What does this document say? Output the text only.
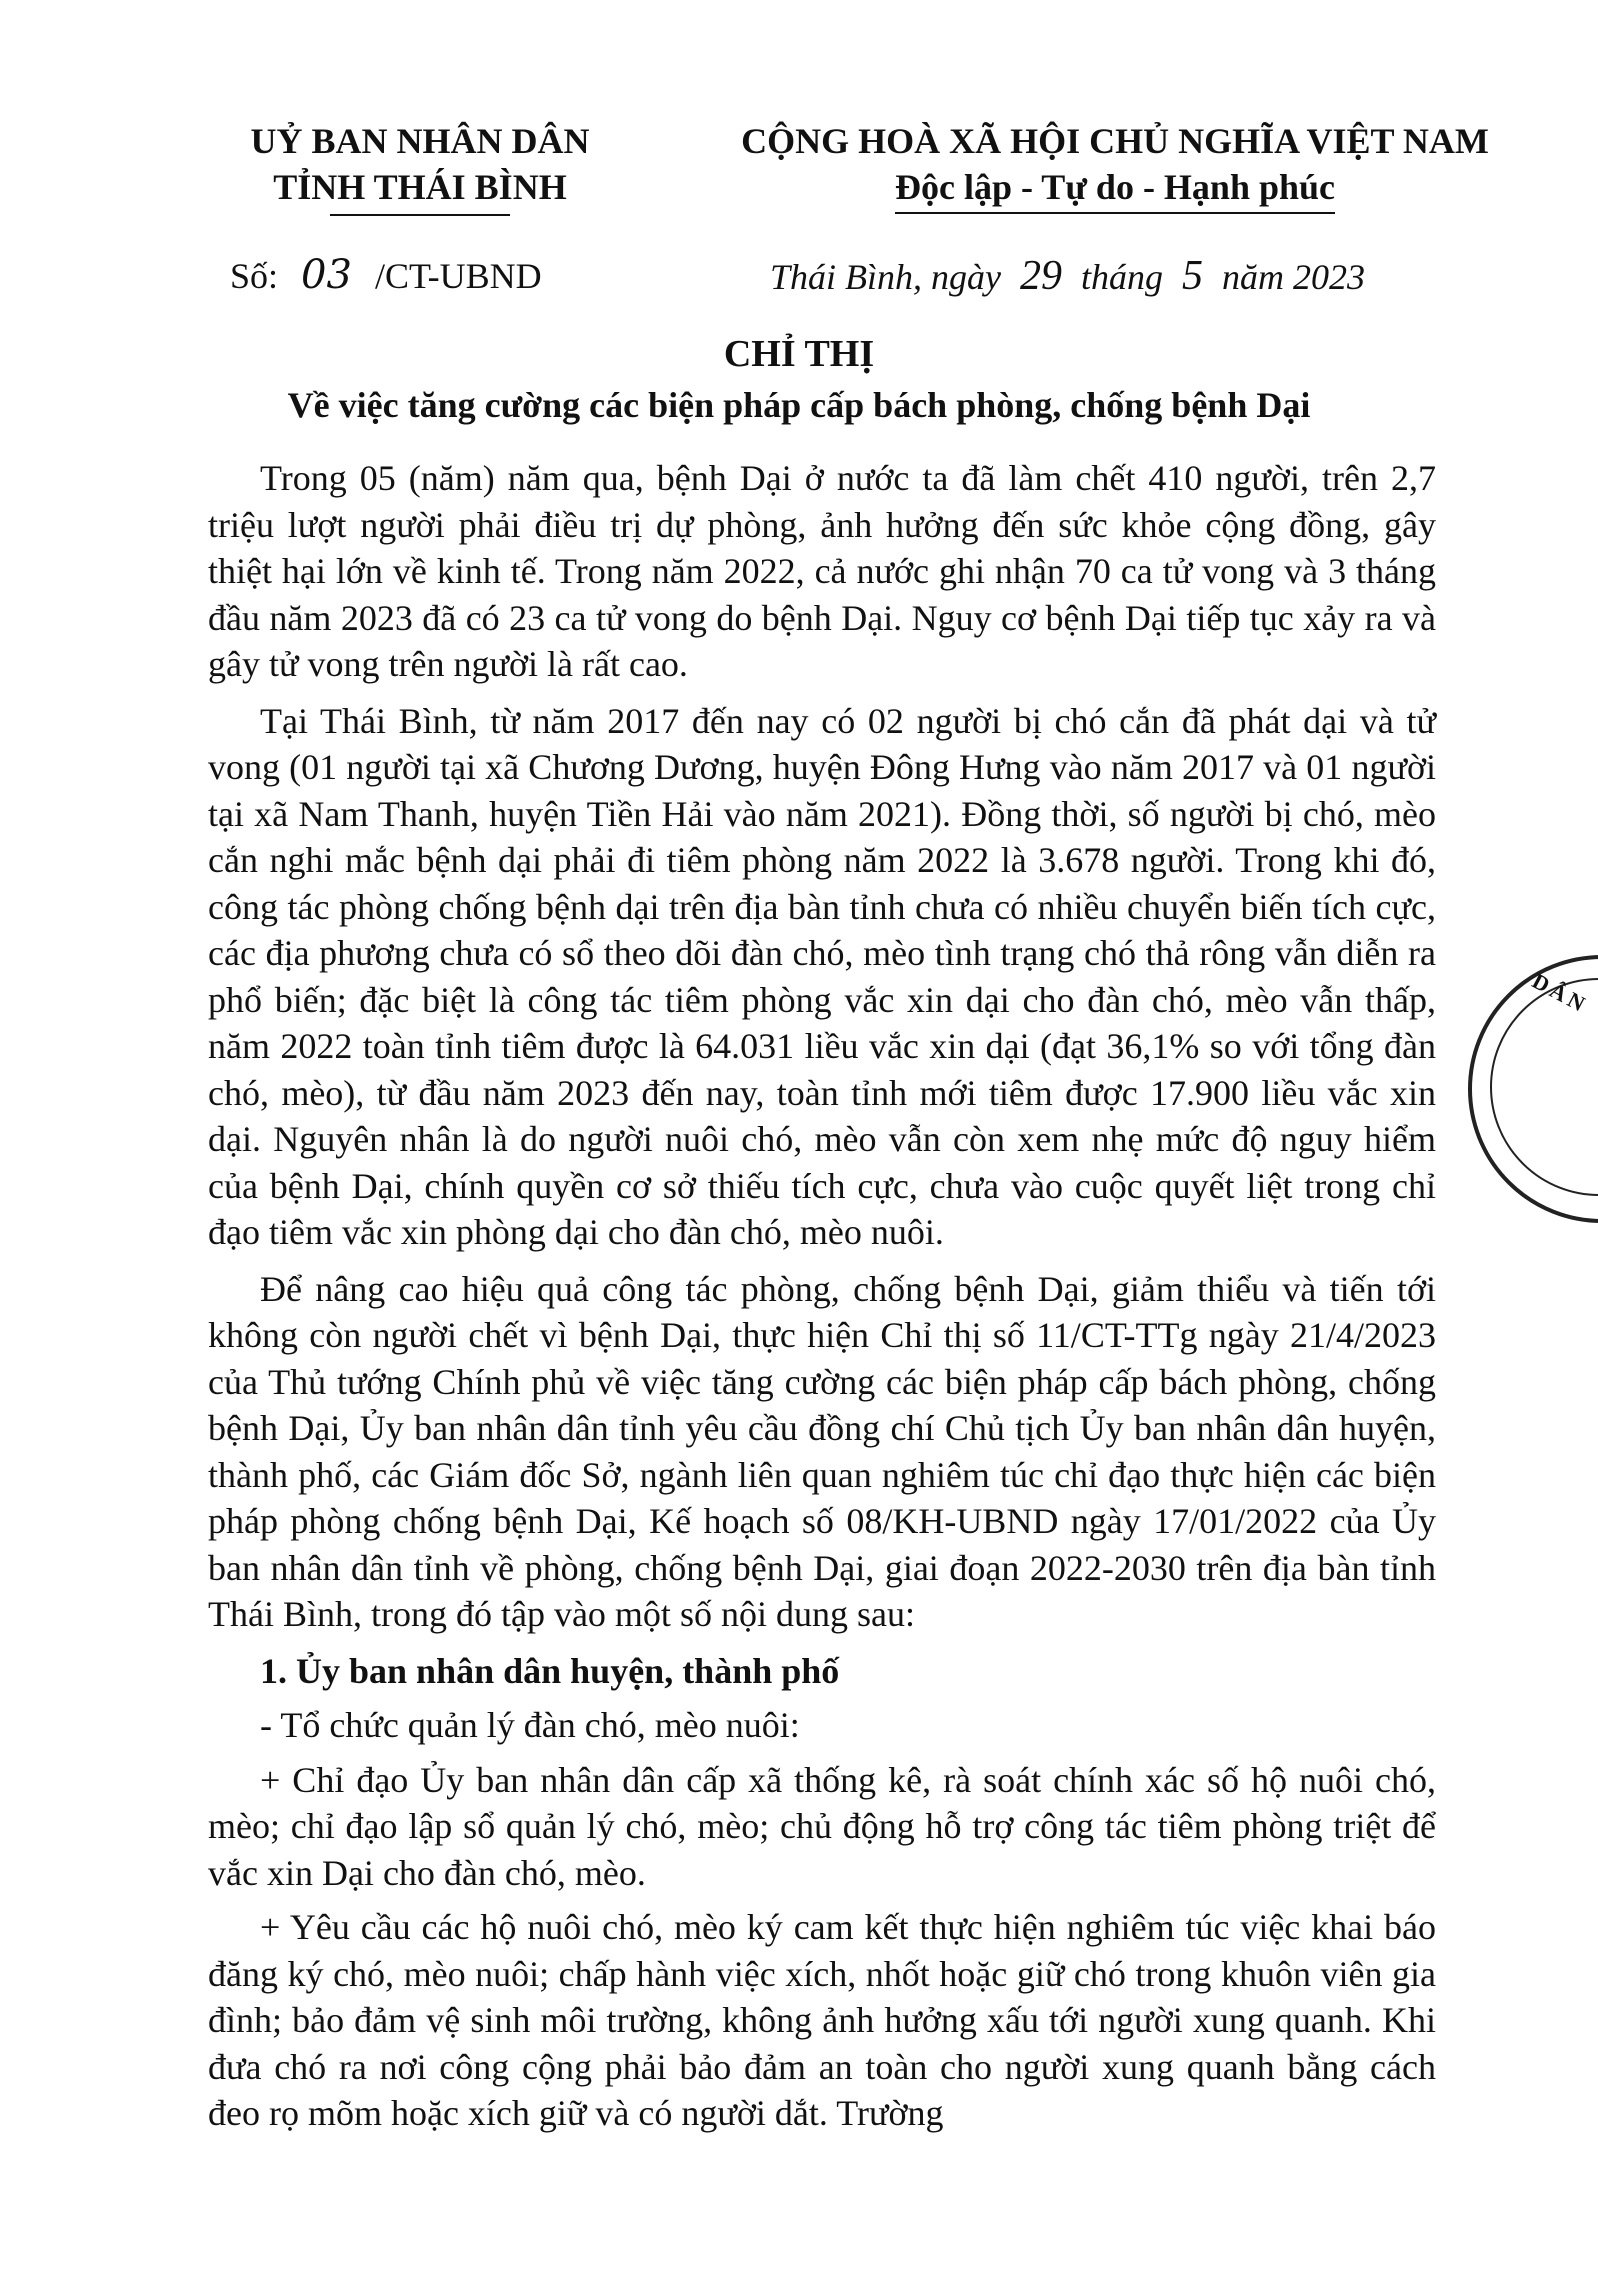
UỶ BAN NHÂN DÂN
TỈNH THÁI BÌNH
CỘNG HOÀ XÃ HỘI CHỦ NGHĨA VIỆT NAM
Độc lập - Tự do - Hạnh phúc
Số: 03 /CT-UBND	Thái Bình, ngày 29 tháng 5 năm 2023
CHỈ THỊ
Về việc tăng cường các biện pháp cấp bách phòng, chống bệnh Dại

Trong 05 (năm) năm qua, bệnh Dại ở nước ta đã làm chết 410 người, trên 2,7 triệu lượt người phải điều trị dự phòng, ảnh hưởng đến sức khỏe cộng đồng, gây thiệt hại lớn về kinh tế. Trong năm 2022, cả nước ghi nhận 70 ca tử vong và 3 tháng đầu năm 2023 đã có 23 ca tử vong do bệnh Dại. Nguy cơ bệnh Dại tiếp tục xảy ra và gây tử vong trên người là rất cao.

Tại Thái Bình, từ năm 2017 đến nay có 02 người bị chó cắn đã phát dại và tử vong (01 người tại xã Chương Dương, huyện Đông Hưng vào năm 2017 và 01 người tại xã Nam Thanh, huyện Tiền Hải vào năm 2021). Đồng thời, số người bị chó, mèo cắn nghi mắc bệnh dại phải đi tiêm phòng năm 2022 là 3.678 người. Trong khi đó, công tác phòng chống bệnh dại trên địa bàn tỉnh chưa có nhiều chuyển biến tích cực, các địa phương chưa có sổ theo dõi đàn chó, mèo tình trạng chó thả rông vẫn diễn ra phổ biến; đặc biệt là công tác tiêm phòng vắc xin dại cho đàn chó, mèo vẫn thấp, năm 2022 toàn tỉnh tiêm được là 64.031 liều vắc xin dại (đạt 36,1% so với tổng đàn chó, mèo), từ đầu năm 2023 đến nay, toàn tỉnh mới tiêm được 17.900 liều vắc xin dại. Nguyên nhân là do người nuôi chó, mèo vẫn còn xem nhẹ mức độ nguy hiểm của bệnh Dại, chính quyền cơ sở thiếu tích cực, chưa vào cuộc quyết liệt trong chỉ đạo tiêm vắc xin phòng dại cho đàn chó, mèo nuôi.

Để nâng cao hiệu quả công tác phòng, chống bệnh Dại, giảm thiểu và tiến tới không còn người chết vì bệnh Dại, thực hiện Chỉ thị số 11/CT-TTg ngày 21/4/2023 của Thủ tướng Chính phủ về việc tăng cường các biện pháp cấp bách phòng, chống bệnh Dại, Ủy ban nhân dân tỉnh yêu cầu đồng chí Chủ tịch Ủy ban nhân dân huyện, thành phố, các Giám đốc Sở, ngành liên quan nghiêm túc chỉ đạo thực hiện các biện pháp phòng chống bệnh Dại, Kế hoạch số 08/KH-UBND ngày 17/01/2022 của Ủy ban nhân dân tỉnh về phòng, chống bệnh Dại, giai đoạn 2022-2030 trên địa bàn tỉnh Thái Bình, trong đó tập vào một số nội dung sau:

1. Ủy ban nhân dân huyện, thành phố

- Tổ chức quản lý đàn chó, mèo nuôi:

+ Chỉ đạo Ủy ban nhân dân cấp xã thống kê, rà soát chính xác số hộ nuôi chó, mèo; chỉ đạo lập sổ quản lý chó, mèo; chủ động hỗ trợ công tác tiêm phòng triệt để vắc xin Dại cho đàn chó, mèo.

+ Yêu cầu các hộ nuôi chó, mèo ký cam kết thực hiện nghiêm túc việc khai báo đăng ký chó, mèo nuôi; chấp hành việc xích, nhốt hoặc giữ chó trong khuôn viên gia đình; bảo đảm vệ sinh môi trường, không ảnh hưởng xấu tới người xung quanh. Khi đưa chó ra nơi công cộng phải bảo đảm an toàn cho người xung quanh bằng cách đeo rọ mõm hoặc xích giữ và có người dắt. Trường

DÂN
